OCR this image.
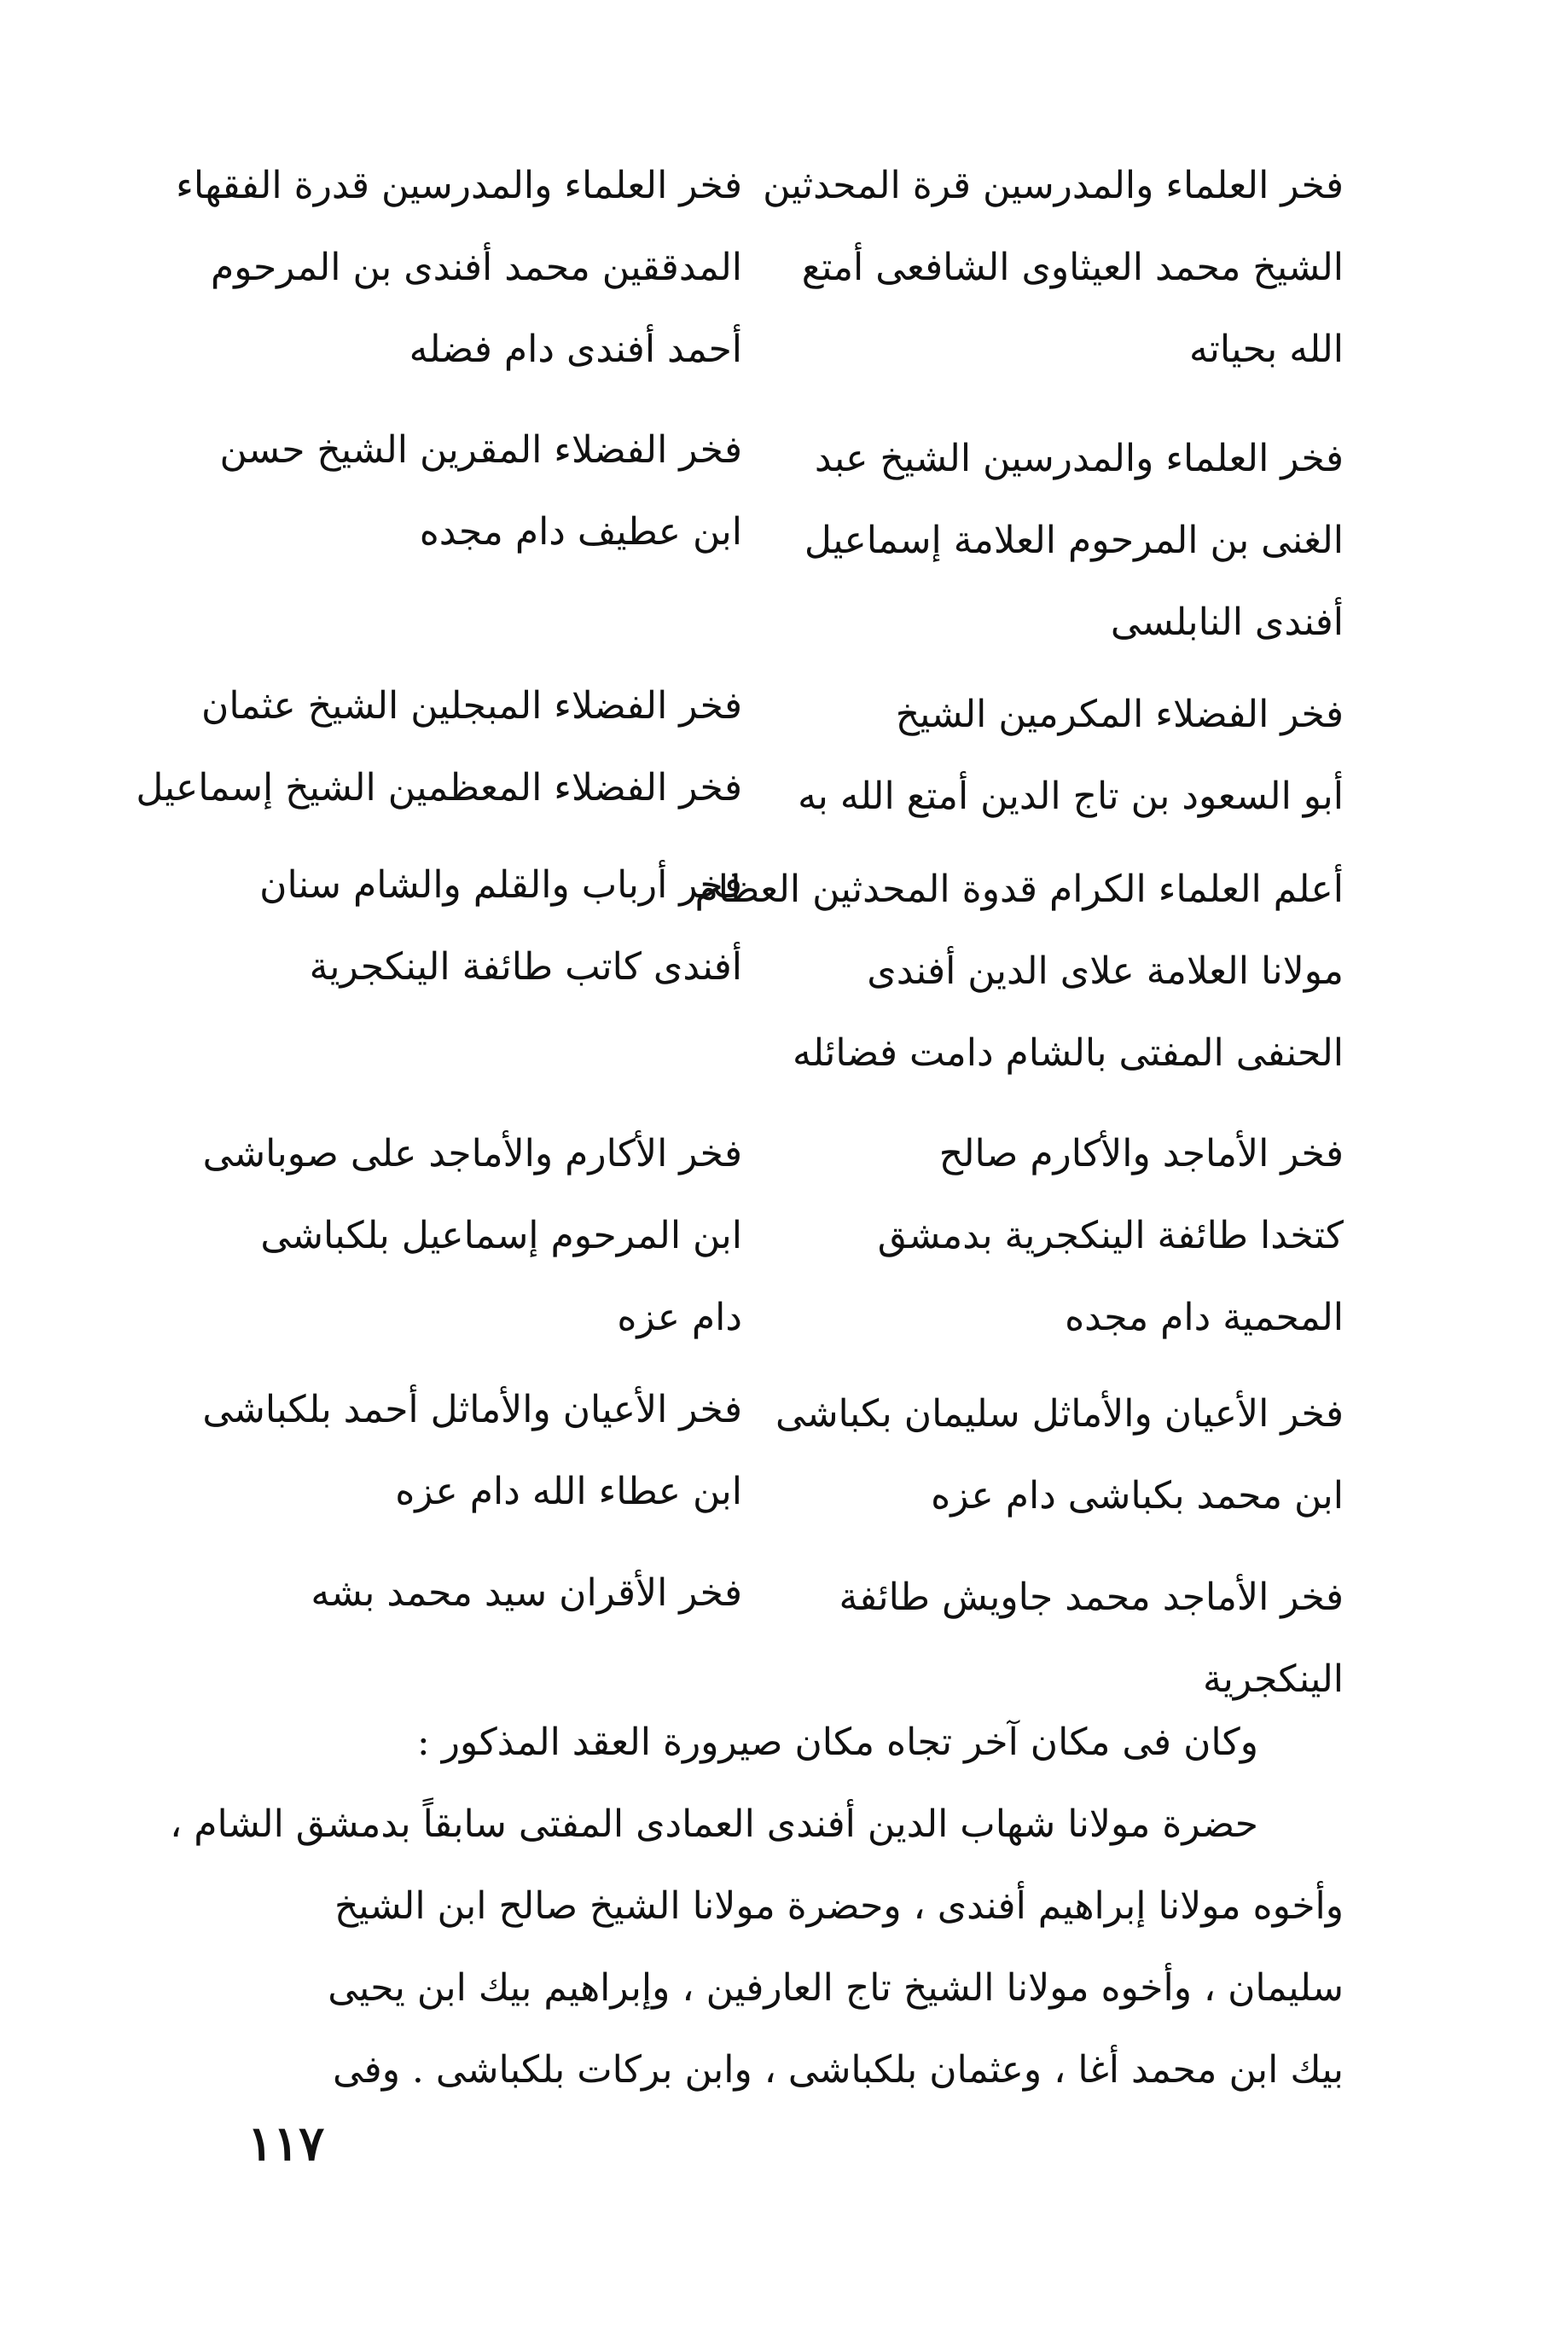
فخر العلماء والمدرسين قرة المحدثين
الشيخ محمد العيثاوى الشافعى أمتع
الله بحياته
فخر العلماء والمدرسين الشيخ عبد
الغنى بن المرحوم العلامة إسماعيل
أفندى النابلسى
فخر الفضلاء المكرمين الشيخ
أبو السعود بن تاج الدين أمتع الله به
أعلم العلماء الكرام قدوة المحدثين العظام
مولانا العلامة علاى الدين أفندى
الحنفى المفتى بالشام دامت فضائله
فخر الأماجد والأكارم صالح
كتخدا طائفة الينكجرية بدمشق
المحمية دام مجده
فخر الأعيان والأماثل سليمان بكباشى
ابن محمد بكباشى دام عزه
فخر الأماجد محمد جاويش طائفة
الينكجرية
فخر العلماء والمدرسين قدرة الفقهاء
المدققين محمد أفندى بن المرحوم
أحمد أفندى دام فضله
فخر الفضلاء المقرين الشيخ حسن
ابن عطيف دام مجده
فخر الفضلاء المبجلين الشيخ عثمان
فخر الفضلاء المعظمين الشيخ إسماعيل
فخر أرباب والقلم والشام سنان
أفندى كاتب طائفة الينكجرية
فخر الأكارم والأماجد على صوباشى
ابن المرحوم إسماعيل بلكباشى
دام عزه
فخر الأعيان والأماثل أحمد بلكباشى
ابن عطاء الله دام عزه
فخر الأقران سيد محمد بشه
وكان فى مكان آخر تجاه مكان صيرورة العقد المذكور :
حضرة مولانا شهاب الدين أفندى العمادى المفتى سابقاً بدمشق الشام ،
وأخوه مولانا إبراهيم أفندى ، وحضرة مولانا الشيخ صالح ابن الشيخ
سليمان ، وأخوه مولانا الشيخ تاج العارفين ، وإبراهيم بيك ابن يحيى
بيك ابن محمد أغا ، وعثمان بلكباشى ، وابن بركات بلكباشى . وفى
١١٧
